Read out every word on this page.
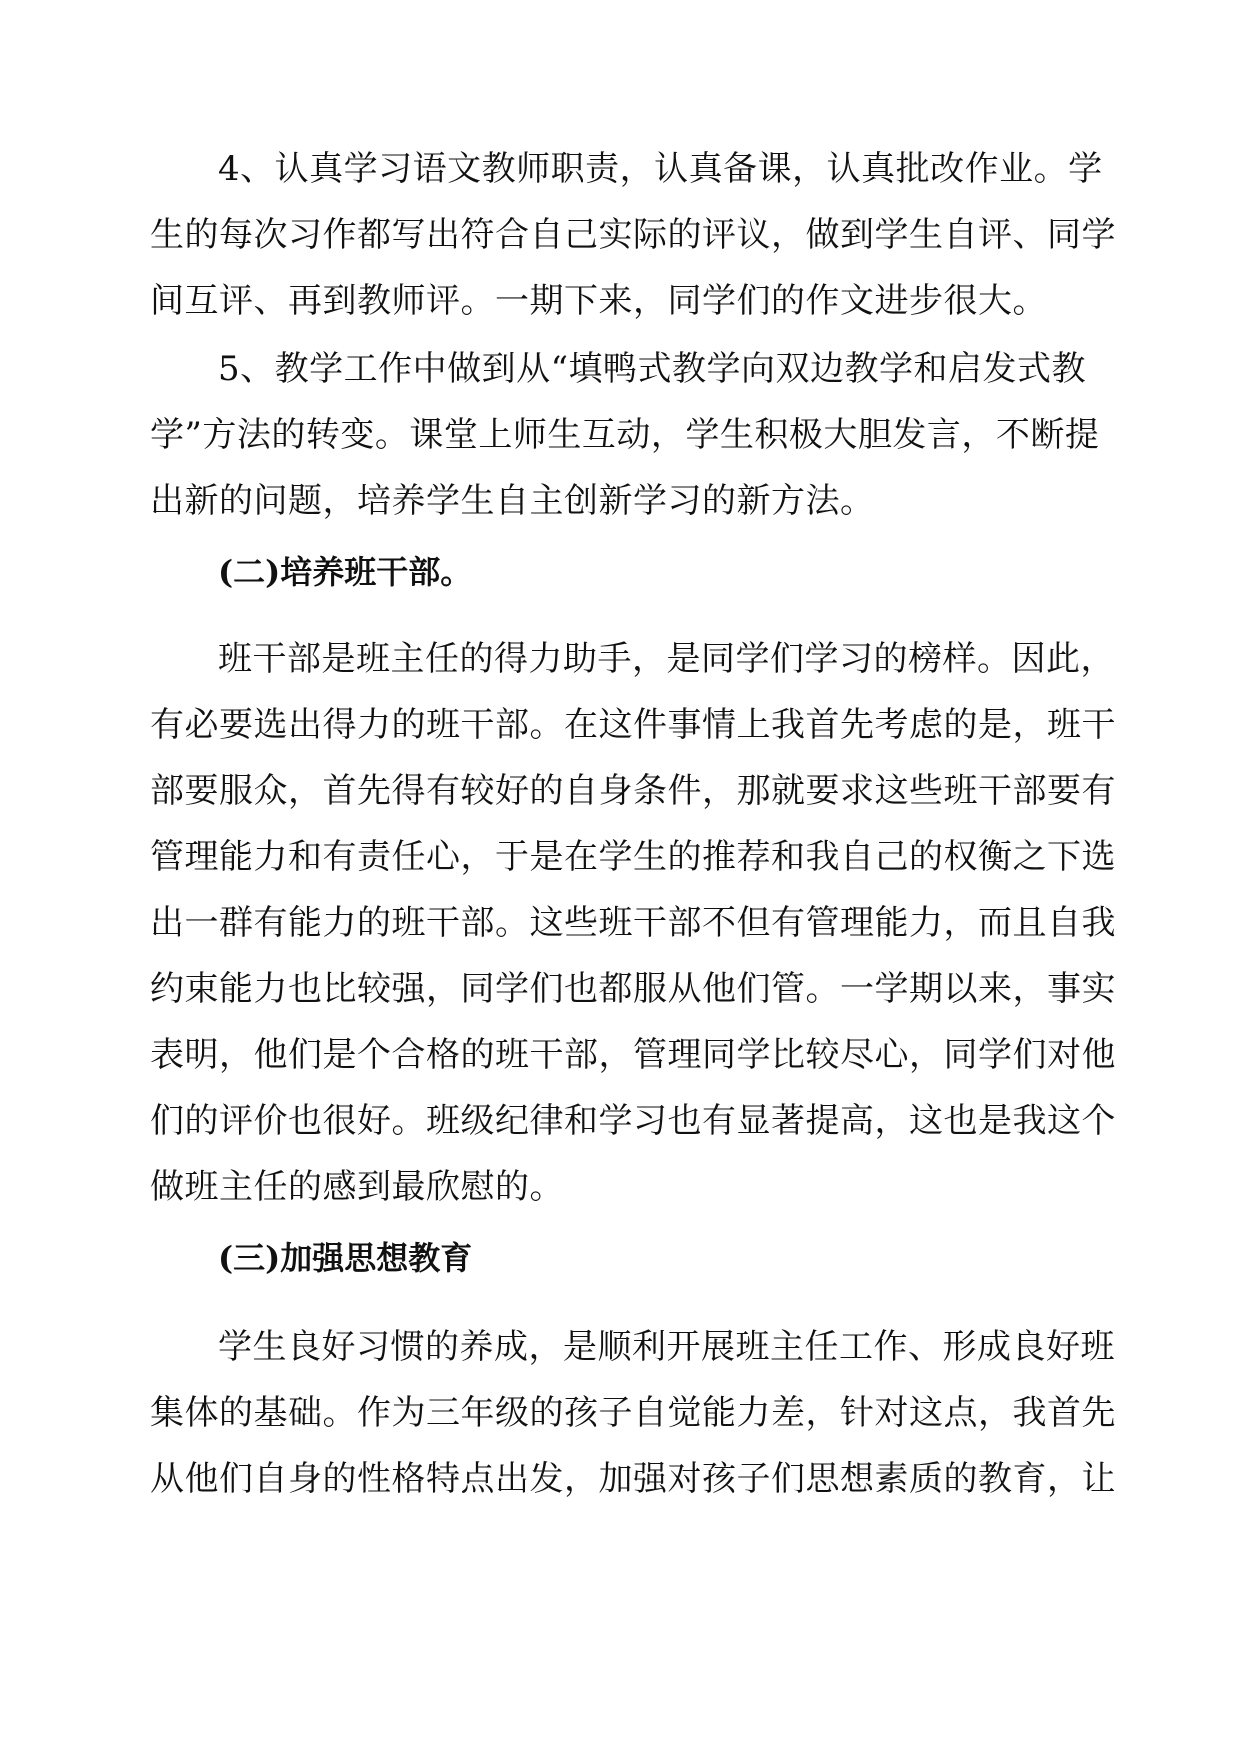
4、认真学习语文教师职责，认真备课，认真批改作业。学
生的每次习作都写出符合自己实际的评议，做到学生自评、同学
间互评、再到教师评。一期下来，同学们的作文进步很大。
5、教学工作中做到从“填鸭式教学向双边教学和启发式教
学”方法的转变。课堂上师生互动，学生积极大胆发言，不断提
出新的问题，培养学生自主创新学习的新方法。
(二)培养班干部。
班干部是班主任的得力助手，是同学们学习的榜样。因此，
有必要选出得力的班干部。在这件事情上我首先考虑的是，班干
部要服众，首先得有较好的自身条件，那就要求这些班干部要有
管理能力和有责任心，于是在学生的推荐和我自己的权衡之下选
出一群有能力的班干部。这些班干部不但有管理能力，而且自我
约束能力也比较强，同学们也都服从他们管。一学期以来，事实
表明，他们是个合格的班干部，管理同学比较尽心，同学们对他
们的评价也很好。班级纪律和学习也有显著提高，这也是我这个
做班主任的感到最欣慰的。
(三)加强思想教育
学生良好习惯的养成，是顺利开展班主任工作、形成良好班
集体的基础。作为三年级的孩子自觉能力差，针对这点，我首先
从他们自身的性格特点出发，加强对孩子们思想素质的教育，让
